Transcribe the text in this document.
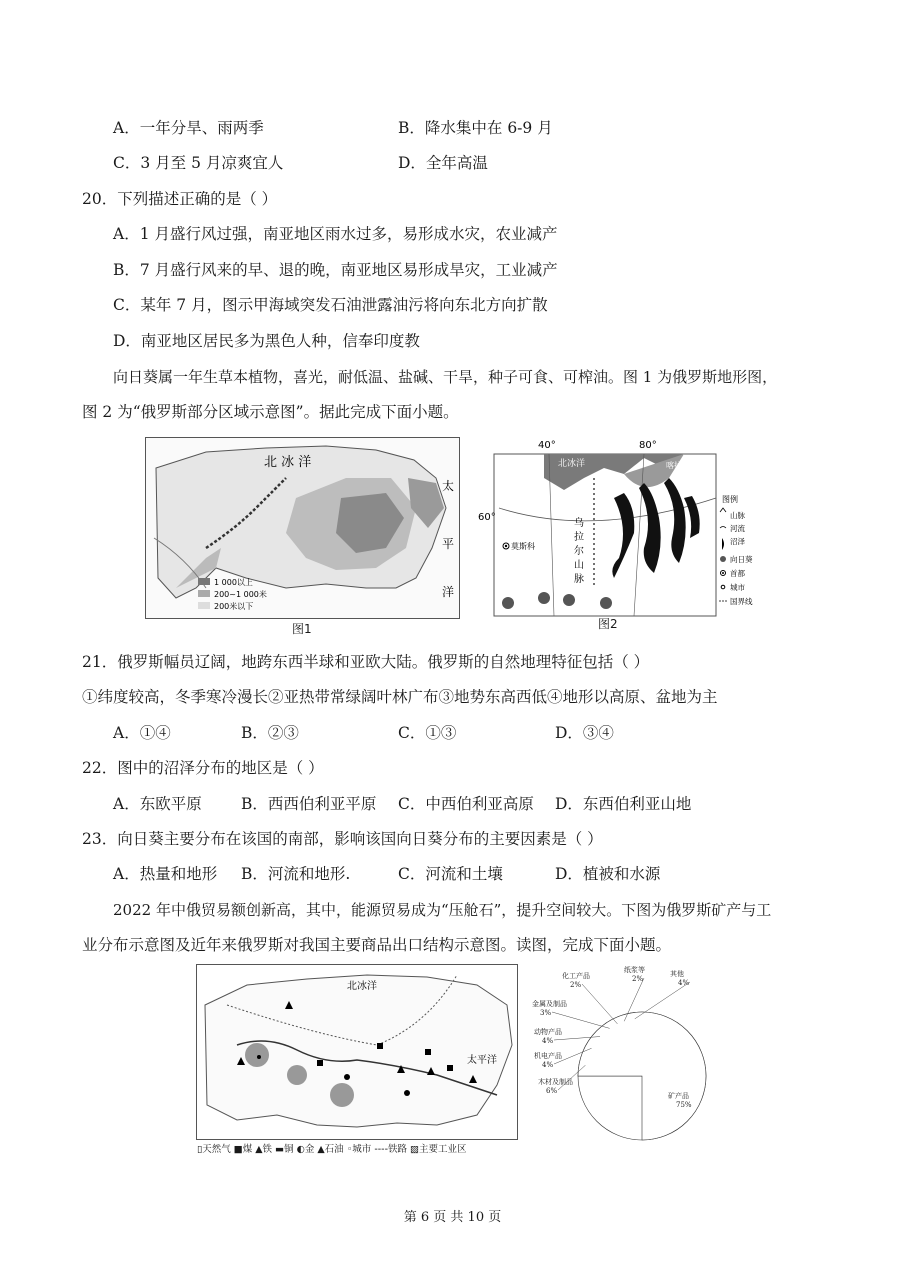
A．一年分旱、雨两季	B．降水集中在 6-9 月
C．3 月至 5 月凉爽宜人	D．全年高温
20．下列描述正确的是（ ）
A．1 月盛行风过强，南亚地区雨水过多，易形成水灾，农业减产
B．7 月盛行风来的早、退的晚，南亚地区易形成旱灾，工业减产
C．某年 7 月，图示甲海域突发石油泄露油污将向东北方向扩散
D．南亚地区居民多为黑色人种，信奉印度教
向日葵属一年生草本植物，喜光，耐低温、盐碱、干旱，种子可食、可榨油。图 1 为俄罗斯地形图，
图 2 为“俄罗斯部分区域示意图”。据此完成下面小题。
北 冰 洋
太
平
洋
1 000以上
200~1 000米
200米以下
图1
40°	80°
60°
北冰洋	喀拉海
乌
拉
尔
山
脉
莫斯科
图例
山脉
河流
沼泽
向日葵
首都
城市
国界线
图2
21．俄罗斯幅员辽阔，地跨东西半球和亚欧大陆。俄罗斯的自然地理特征包括（ ）
①纬度较高，冬季寒冷漫长②亚热带常绿阔叶林广布③地势东高西低④地形以高原、盆地为主
A．①④	B．②③	C．①③	D．③④
22．图中的沼泽分布的地区是（ ）
A．东欧平原	B．西西伯利亚平原 C．中西伯利亚高原 D．东西伯利亚山地
23．向日葵主要分布在该国的南部，影响该国向日葵分布的主要因素是（ ）
A．热量和地形 B．河流和地形.	C．河流和土壤	D．植被和水源
2022 年中俄贸易额创新高，其中，能源贸易成为“压舱石”，提升空间较大。下图为俄罗斯矿产与工
业分布示意图及近年来俄罗斯对我国主要商品出口结构示意图。读图，完成下面小题。
北冰洋
太平洋
▯天然气 ■煤 ▲铁 ▬铜 ◐金 ▲石油 ◦城市 ----铁路 ▨主要工业区
矿产品
75%
木材及制品
6%
机电产品
4%
动物产品
4%
金属及制品
3%
化工产品
2%
纸浆等
2%
其他
4%
第 6 页 共 10 页
